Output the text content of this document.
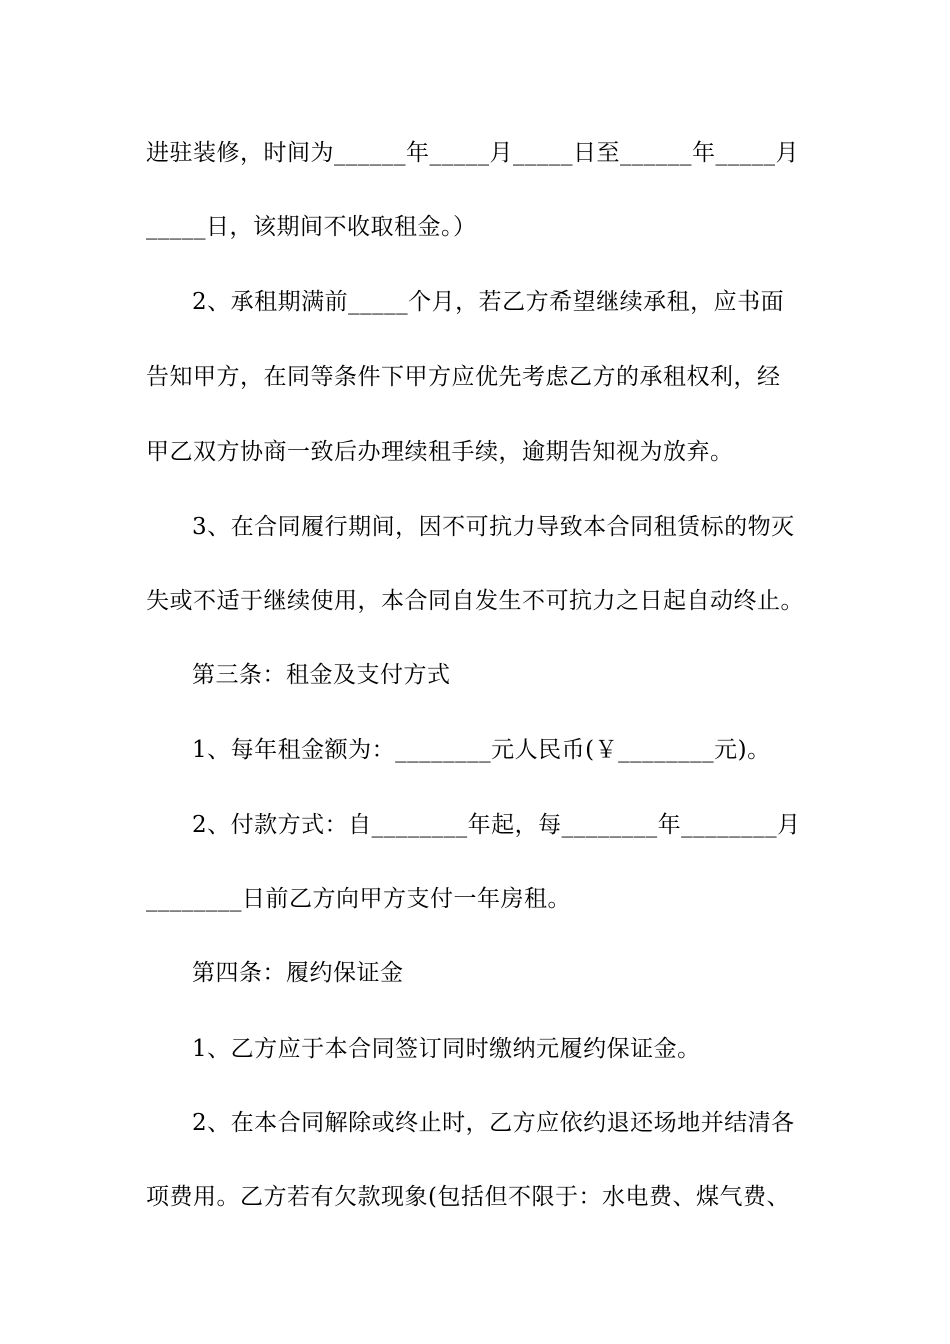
进驻装修，时间为______年_____月_____日至______年_____月
_____日，该期间不收取租金。）
2、承租期满前_____个月，若乙方希望继续承租，应书面
告知甲方，在同等条件下甲方应优先考虑乙方的承租权利，经
甲乙双方协商一致后办理续租手续，逾期告知视为放弃。
3、在合同履行期间，因不可抗力导致本合同租赁标的物灭
失或不适于继续使用，本合同自发生不可抗力之日起自动终止。
第三条：租金及支付方式
1、每年租金额为：________元人民币(￥________元)。
2、付款方式：自________年起，每________年________月
________日前乙方向甲方支付一年房租。
第四条：履约保证金
1、乙方应于本合同签订同时缴纳元履约保证金。
2、在本合同解除或终止时，乙方应依约退还场地并结清各
项费用。乙方若有欠款现象(包括但不限于：水电费、煤气费、
